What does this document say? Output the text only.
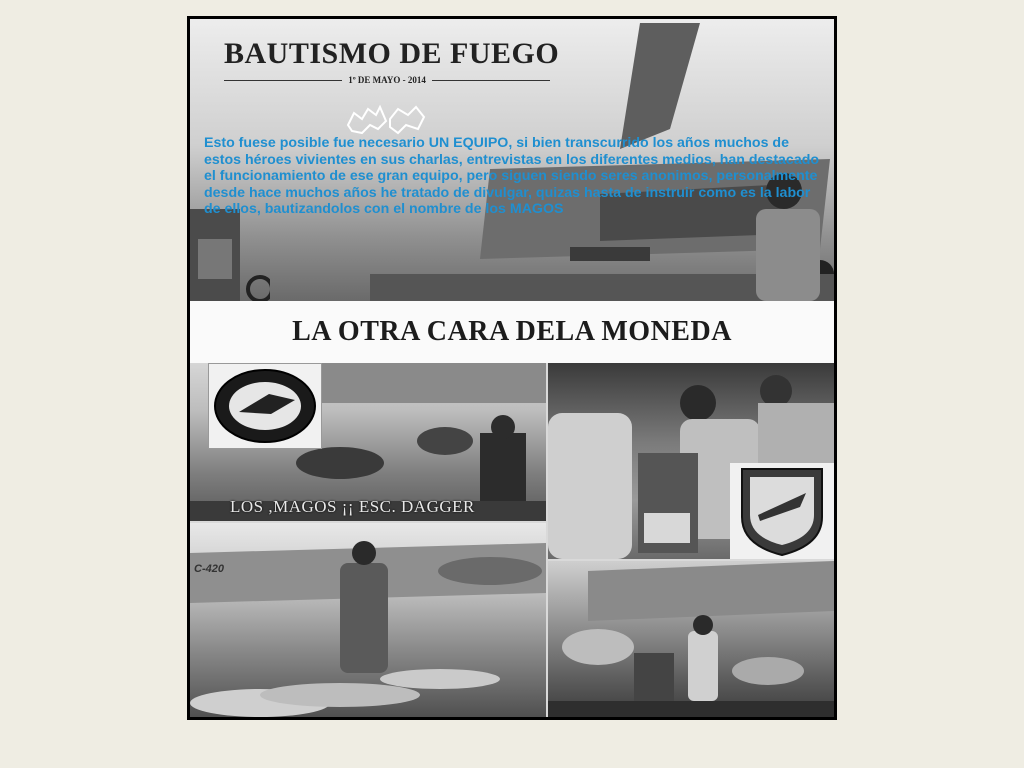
BAUTISMO DE FUEGO
1º DE MAYO - 2014
Esto fuese posible fue necesario UN EQUIPO, si bien transcurrido los años muchos de estos héroes vivientes en sus charlas, entrevistas en los diferentes medios, han destacado el funcionamiento de ese gran equipo, pero siguen siendo seres anonimos, personalmente desde hace muchos años he tratado de divulgar, quizas hasta de instruir como es la labor de ellos, bautizandolos con el nombre de los MAGOS
LA OTRA CARA DELA MONEDA
LOS ,MAGOS ¡¡ ESC. DAGGER
C-420
